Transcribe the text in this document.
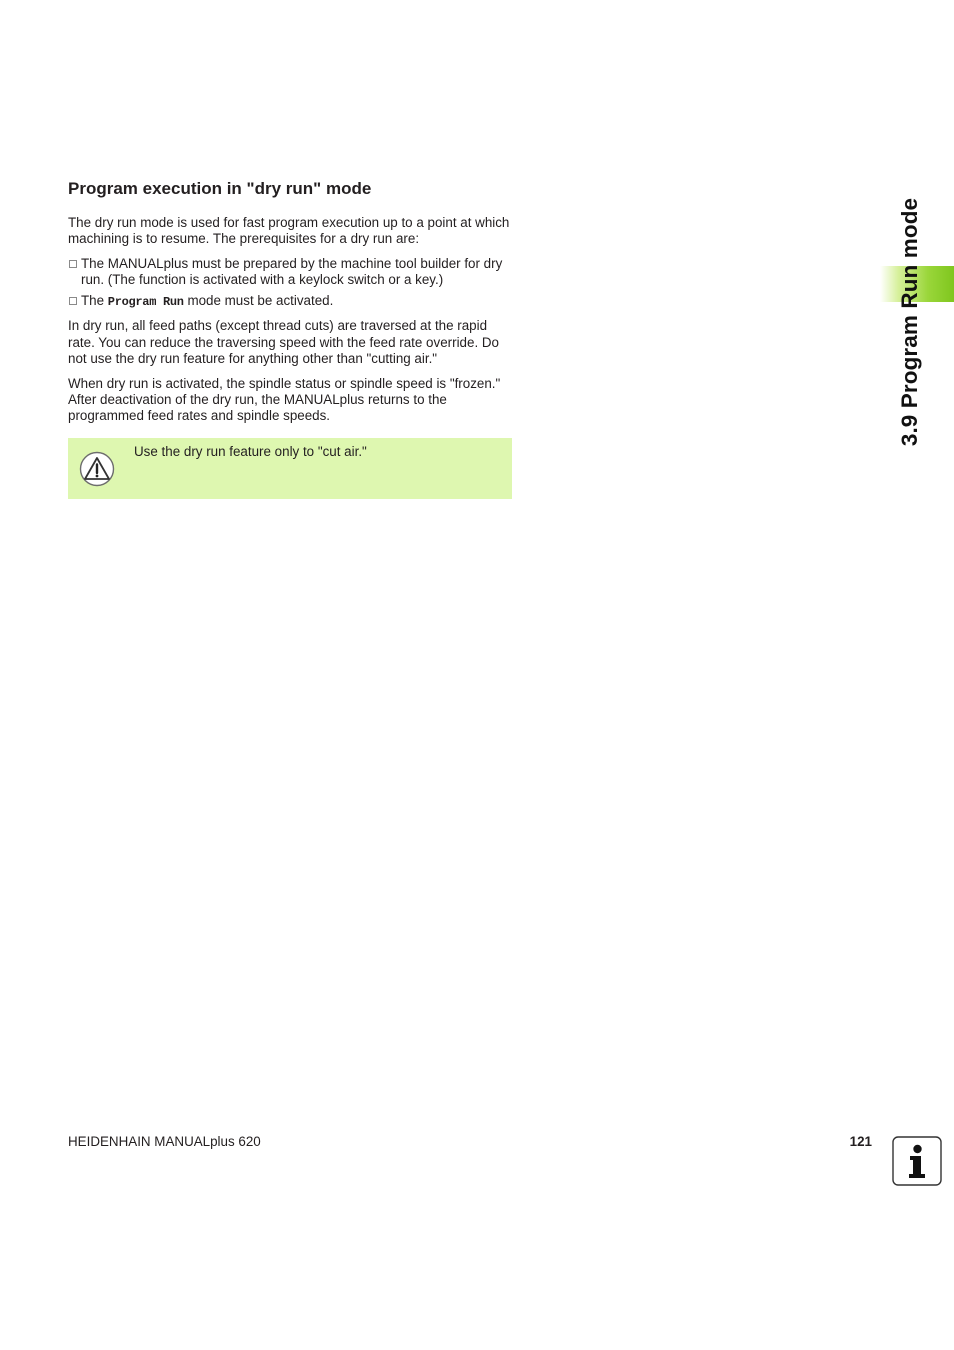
Program execution in "dry run" mode

The dry run mode is used for fast program execution up to a point at which machining is to resume. The prerequisites for a dry run are:

The MANUALplus must be prepared by the machine tool builder for dry run. (The function is activated with a keylock switch or a key.)
The Program Run mode must be activated.

In dry run, all feed paths (except thread cuts) are traversed at the rapid rate. You can reduce the traversing speed with the feed rate override. Do not use the dry run feature for anything other than "cutting air."

When dry run is activated, the spindle status or spindle speed is "frozen." After deactivation of the dry run, the MANUALplus returns to the programmed feed rates and spindle speeds.

Use the dry run feature only to "cut air."
3.9 Program Run mode
HEIDENHAIN MANUALplus 620	121
